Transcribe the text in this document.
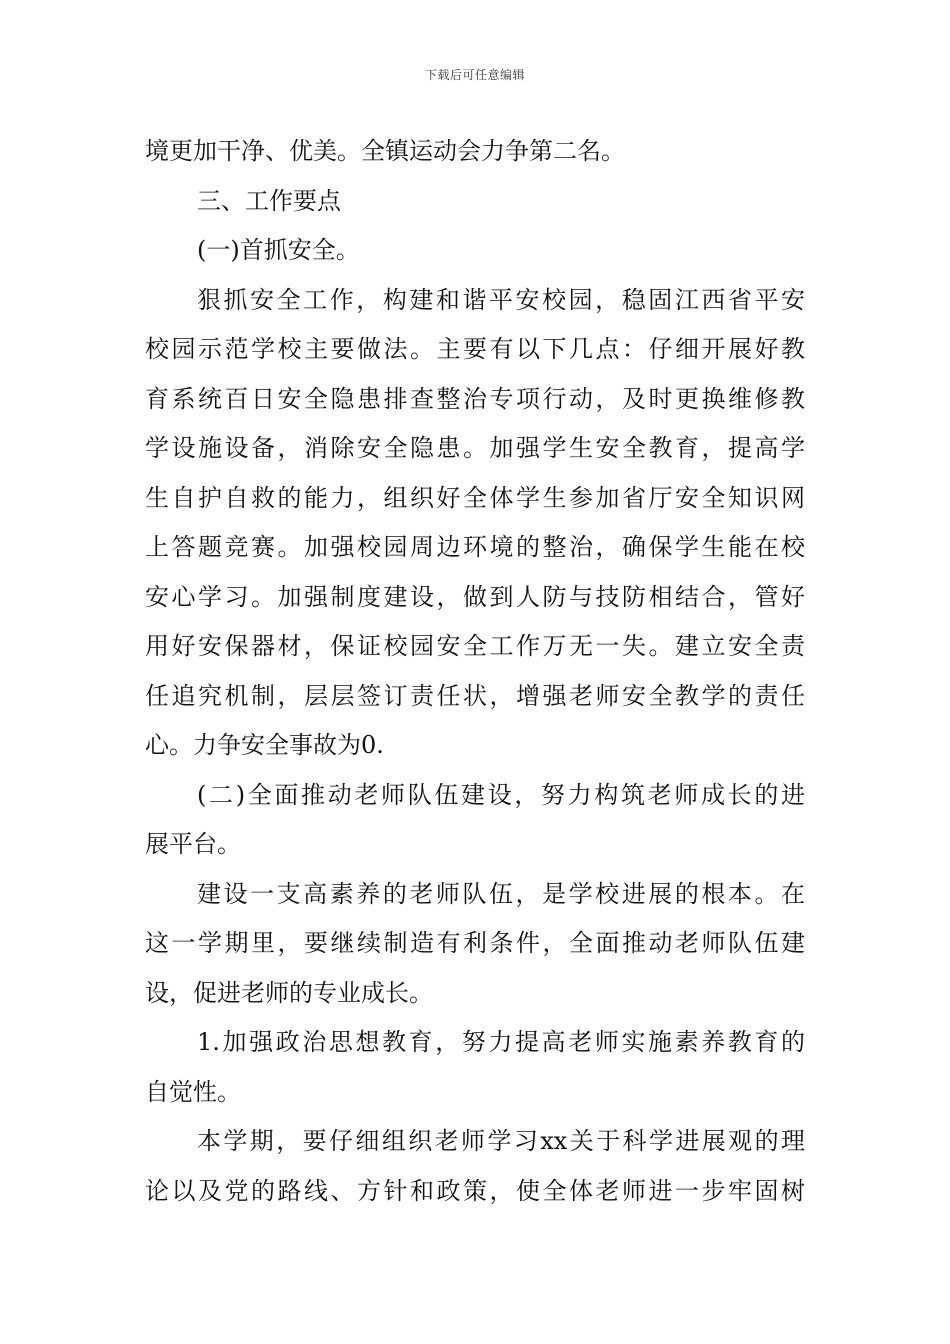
下载后可任意编辑
境更加干净、优美。全镇运动会力争第二名。
三、工作要点
(一)首抓安全。
狠抓安全工作，构建和谐平安校园，稳固江西省平安
校园示范学校主要做法。主要有以下几点：仔细开展好教
育系统百日安全隐患排查整治专项行动，及时更换维修教
学设施设备，消除安全隐患。加强学生安全教育，提高学
生自护自救的能力，组织好全体学生参加省厅安全知识网
上答题竞赛。加强校园周边环境的整治，确保学生能在校
安心学习。加强制度建设，做到人防与技防相结合，管好
用好安保器材，保证校园安全工作万无一失。建立安全责
任追究机制，层层签订责任状，增强老师安全教学的责任
心。力争安全事故为0.
(二)全面推动老师队伍建设，努力构筑老师成长的进
展平台。
建设一支高素养的老师队伍，是学校进展的根本。在
这一学期里，要继续制造有利条件，全面推动老师队伍建
设，促进老师的专业成长。
1.加强政治思想教育，努力提高老师实施素养教育的
自觉性。
本学期，要仔细组织老师学习xx关于科学进展观的理
论以及党的路线、方针和政策，使全体老师进一步牢固树
